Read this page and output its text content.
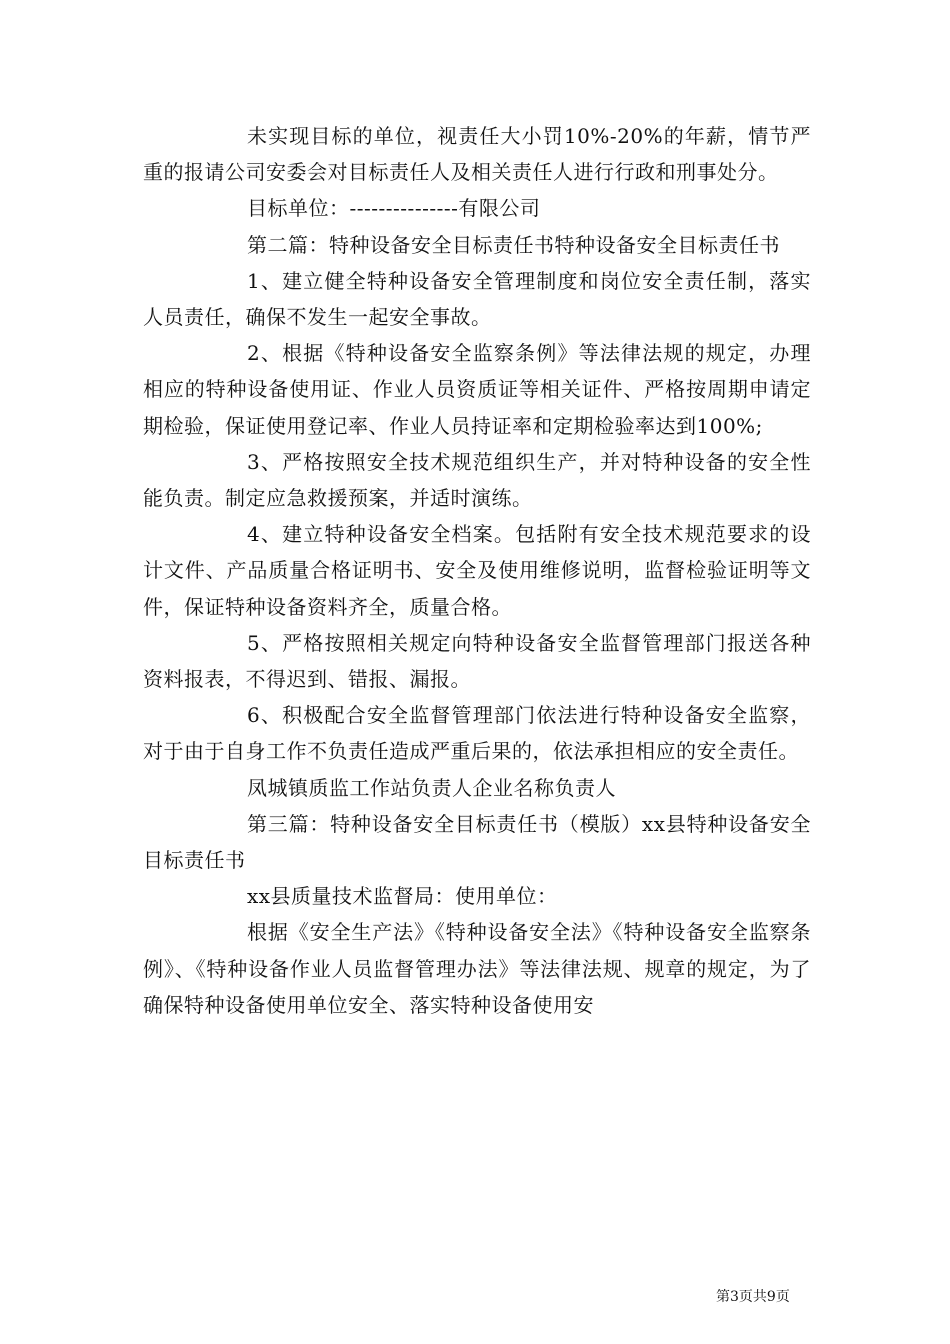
未实现目标的单位，视责任大小罚10%-20%的年薪，情节严重的报请公司安委会对目标责任人及相关责任人进行行政和刑事处分。

目标单位：---------------有限公司

第二篇：特种设备安全目标责任书特种设备安全目标责任书

1、建立健全特种设备安全管理制度和岗位安全责任制，落实人员责任，确保不发生一起安全事故。

2、根据《特种设备安全监察条例》等法律法规的规定，办理相应的特种设备使用证、作业人员资质证等相关证件、严格按周期申请定期检验，保证使用登记率、作业人员持证率和定期检验率达到100%;

3、严格按照安全技术规范组织生产，并对特种设备的安全性能负责。制定应急救援预案，并适时演练。

4、建立特种设备安全档案。包括附有安全技术规范要求的设计文件、产品质量合格证明书、安全及使用维修说明，监督检验证明等文件，保证特种设备资料齐全，质量合格。

5、严格按照相关规定向特种设备安全监督管理部门报送各种资料报表，不得迟到、错报、漏报。

6、积极配合安全监督管理部门依法进行特种设备安全监察，对于由于自身工作不负责任造成严重后果的，依法承担相应的安全责任。

凤城镇质监工作站负责人企业名称负责人

第三篇：特种设备安全目标责任书（模版）xx县特种设备安全目标责任书

xx县质量技术监督局：使用单位：

根据《安全生产法》《特种设备安全法》《特种设备安全监察条例》、《特种设备作业人员监督管理办法》等法律法规、规章的规定，为了确保特种设备使用单位安全、落实特种设备使用安

第3页共9页
